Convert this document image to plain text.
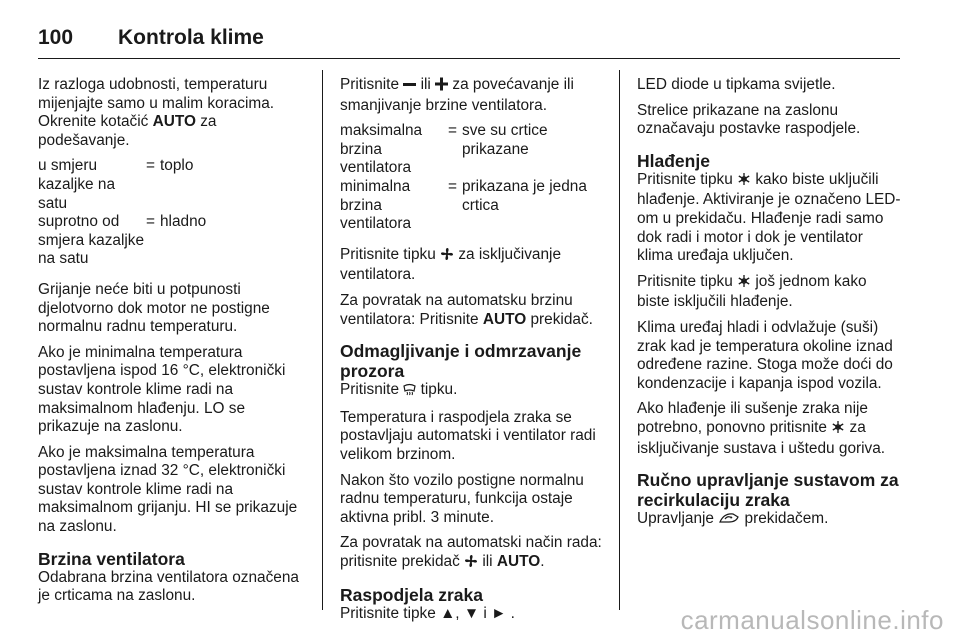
100	Kontrola klime

Iz razloga udobnosti, temperaturu mijenjajte samo u malim koracima. Okrenite kotačić AUTO za podešavanje.

u smjeru kazaljke na satu
= toplo
suprotno od smjera kazaljke na satu
= hladno

Grijanje neće biti u potpunosti djelotvorno dok motor ne postigne normalnu radnu temperaturu.

Ako je minimalna temperatura postavljena ispod 16 °C, elektronički sustav kontrole klime radi na maksimalnom hlađenju. LO se prikazuje na zaslonu.

Ako je maksimalna temperatura postavljena iznad 32 °C, elektronički sustav kontrole klime radi na maksimalnom grijanju. HI se prikazuje na zaslonu.

Brzina ventilatora

Odabrana brzina ventilatora označena je crticama na zaslonu.

Pritisnite  ili  za povećavanje ili smanjivanje brzine ventilatora.

maksimalna brzina ventilatora
= sve su crtice prikazane
minimalna brzina ventilatora
= prikazana je jedna crtica

Pritisnite tipku  za isključivanje ventilatora.

Za povratak na automatsku brzinu ventilatora: Pritisnite AUTO prekidač.

Odmagljivanje i odmrzavanje prozora

Pritisnite  tipku.

Temperatura i raspodjela zraka se postavljaju automatski i ventilator radi velikom brzinom.

Nakon što vozilo postigne normalnu radnu temperaturu, funkcija ostaje aktivna pribl. 3 minute.

Za povratak na automatski način rada: pritisnite prekidač  ili AUTO.

Raspodjela zraka

Pritisnite tipke ▲, ▼ i ► .

LED diode u tipkama svijetle.

Strelice prikazane na zaslonu označavaju postavke raspodjele.

Hlađenje

Pritisnite tipku  kako biste uključili hlađenje. Aktiviranje je označeno LED-om u prekidaču. Hlađenje radi samo dok radi i motor i dok je ventilator klima uređaja uključen.

Pritisnite tipku  još jednom kako biste isključili hlađenje.

Klima uređaj hladi i odvlažuje (suši) zrak kad je temperatura okoline iznad određene razine. Stoga može doći do kondenzacije i kapanja ispod vozila.

Ako hlađenje ili sušenje zraka nije potrebno, ponovno pritisnite  za isključivanje sustava i uštedu goriva.

Ručno upravljanje sustavom za recirkulaciju zraka

Upravljanje  prekidačem.

carmanualsonline.info
